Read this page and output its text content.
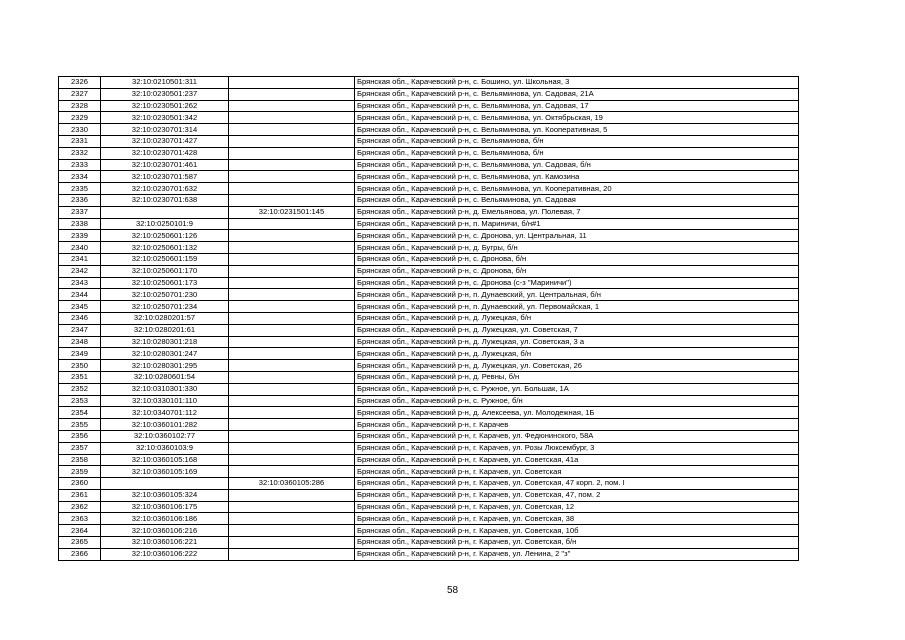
2326	32:10:0210501:311		Брянская обл., Карачевский р-н, с. Бошино, ул. Школьная, 3
2327	32:10:0230501:237		Брянская обл., Карачевский р-н, с. Вельяминова, ул. Садовая, 21А
2328	32:10:0230501:262		Брянская обл., Карачевский р-н, с. Вельяминова, ул. Садовая, 17
2329	32:10:0230501:342		Брянская обл., Карачевский р-н, с. Вельяминова, ул. Октябрьская, 19
2330	32:10:0230701:314		Брянская обл., Карачевский р-н, с. Вельяминова, ул. Кооперативная, 5
2331	32:10:0230701:427		Брянская обл., Карачевский р-н, с. Вельяминова, б/н
2332	32:10:0230701:428		Брянская обл., Карачевский р-н, с. Вельяминова, б/н
2333	32:10:0230701:461		Брянская обл., Карачевский р-н, с. Вельяминова, ул. Садовая, б/н
2334	32:10:0230701:587		Брянская обл., Карачевский р-н, с. Вельяминова, ул. Камозина
2335	32:10:0230701:632		Брянская обл., Карачевский р-н, с. Вельяминова, ул. Кооперативная, 20
2336	32:10:0230701:638		Брянская обл., Карачевский р-н, с. Вельяминова, ул. Садовая
2337		32:10:0231501:145	Брянская обл., Карачевский р-н, д. Емельянова, ул. Полевая, 7
2338	32:10:0250101:9		Брянская обл., Карачевский р-н, п. Мариничи, б/н#1
2339	32:10:0250601:126		Брянская обл., Карачевский р-н, с. Дронова, ул. Центральная, 11
2340	32:10:0250601:132		Брянская обл., Карачевский р-н, д. Бугры, б/н
2341	32:10:0250601:159		Брянская обл., Карачевский р-н, с. Дронова, б/н
2342	32:10:0250601:170		Брянская обл., Карачевский р-н, с. Дронова, б/н
2343	32:10:0250601:173		Брянская обл., Карачевский р-н, с. Дронова (с-з "Мариничи")
2344	32:10:0250701:230		Брянская обл., Карачевский р-н, п. Дунаевский, ул. Центральная, б/н
2345	32:10:0250701:234		Брянская обл., Карачевский р-н, п. Дунаевский, ул. Первомайская, 1
2346	32:10:0280201:57		Брянская обл., Карачевский р-н, д. Лужецкая, б/н
2347	32:10:0280201:61		Брянская обл., Карачевский р-н, д. Лужецкая, ул. Советская, 7
2348	32:10:0280301:218		Брянская обл., Карачевский р-н, д. Лужецкая, ул. Советская, 3 а
2349	32:10:0280301:247		Брянская обл., Карачевский р-н, д. Лужецкая, б/н
2350	32:10:0280301:295		Брянская обл., Карачевский р-н, д. Лужецкая, ул. Советская, 26
2351	32:10:0280601:54		Брянская обл., Карачевский р-н, д. Ревны, б/н
2352	32:10:0310301:330		Брянская обл., Карачевский р-н, с. Ружное, ул. Большак, 1А
2353	32:10:0330101:110		Брянская обл., Карачевский р-н, с. Ружное, б/н
2354	32:10:0340701:112		Брянская обл., Карачевский р-н, д. Алексеева, ул. Молодежная, 1Б
2355	32:10:0360101:282		Брянская обл., Карачевский р-н, г. Карачев
2356	32:10:0360102:77		Брянская обл., Карачевский р-н, г. Карачев, ул. Федюнинского, 58А
2357	32:10:0360103:9		Брянская обл., Карачевский р-н, г. Карачев, ул. Розы Люксембург, 3
2358	32:10:0360105:168		Брянская обл., Карачевский р-н, г. Карачев, ул. Советская, 41а
2359	32:10:0360105:169		Брянская обл., Карачевский р-н, г. Карачев, ул. Советская
2360		32:10:0360105:286	Брянская обл., Карачевский р-н, г. Карачев, ул. Советская, 47 корп. 2, пом. I
2361	32:10:0360105:324		Брянская обл., Карачевский р-н, г. Карачев, ул. Советская, 47, пом. 2
2362	32:10:0360106:175		Брянская обл., Карачевский р-н, г. Карачев, ул. Советская, 12
2363	32:10:0360106:186		Брянская обл., Карачевский р-н, г. Карачев, ул. Советская, 38
2364	32:10:0360106:216		Брянская обл., Карачевский р-н, г. Карачев, ул. Советская, 10б
2365	32:10:0360106:221		Брянская обл., Карачевский р-н, г. Карачев, ул. Советская, б/н
2366	32:10:0360106:222		Брянская обл., Карачевский р-н, г. Карачев, ул. Ленина, 2 "з"
58
